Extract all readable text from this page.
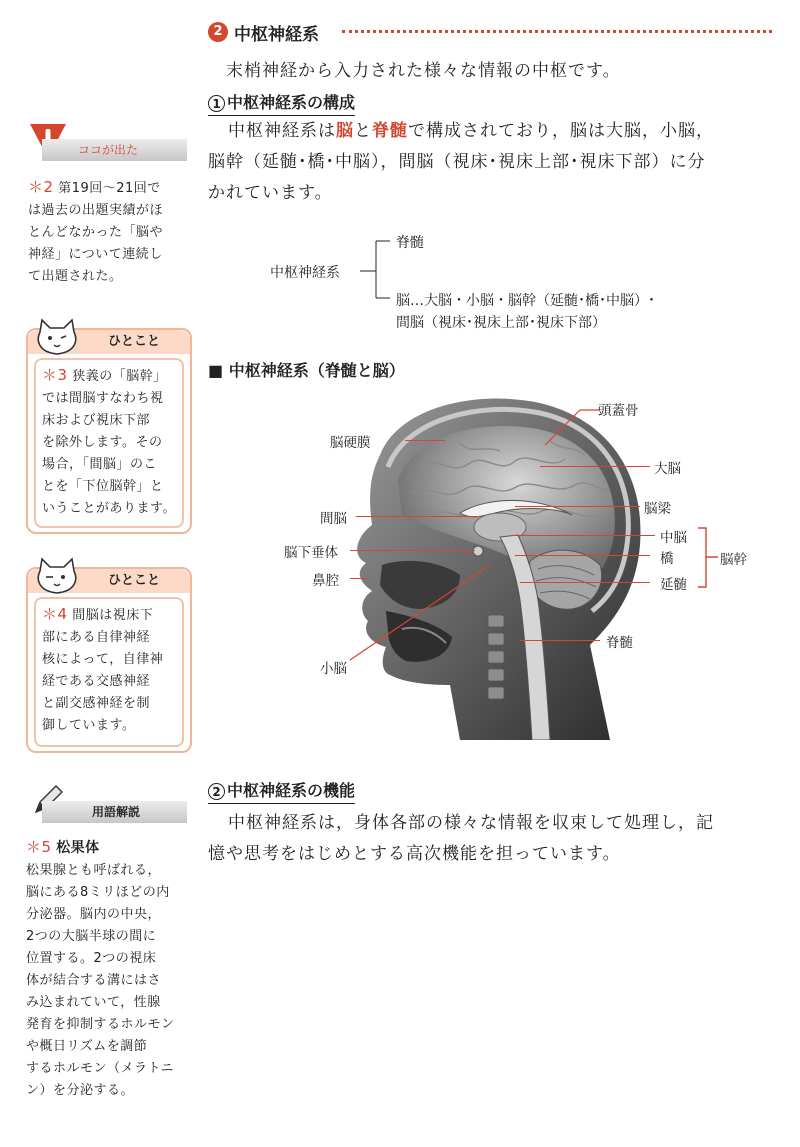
2 中枢神経系
末梢神経から入力された様々な情報の中枢です。
1 中枢神経系の構成
中枢神経系は脳と脊髄で構成されており，脳は大脳，小脳，
脳幹（延髄･橋･中脳），間脳（視床･視床上部･視床下部）に分
かれています。
中枢神経系
脊髄
脳…大脳・小脳・脳幹（延髄･橋･中脳）･
間脳（視床･視床上部･視床下部）
■ 中枢神経系（脊髄と脳）
頭蓋骨
脳硬膜
大脳
脳梁
間脳
中脳
脳下垂体	橋	脳幹
鼻腔	延髄
脊髄
小脳
2 中枢神経系の機能
中枢神経系は，身体各部の様々な情報を収束して処理し，記
憶や思考をはじめとする高次機能を担っています。
ココが出た
＊2 第19回～21回で
は過去の出題実績がほ
とんどなかった「脳や
神経」について連続し
て出題された。
ひとこと
＊3 狭義の「脳幹」
では間脳すなわち視
床および視床下部
を除外します。その
場合，「間脳」のこ
とを「下位脳幹」と
いうことがあります。
ひとこと
＊4 間脳は視床下
部にある自律神経
核によって，自律神
経である交感神経
と副交感神経を制
御しています。
用語解説
＊5 松果体
松果腺とも呼ばれる，
脳にある8ミリほどの内
分泌器。脳内の中央，
2つの大脳半球の間に
位置する。2つの視床
体が結合する溝にはさ
み込まれていて，性腺
発育を抑制するホルモン
や概日リズムを調節
するホルモン（メラトニ
ン）を分泌する。
